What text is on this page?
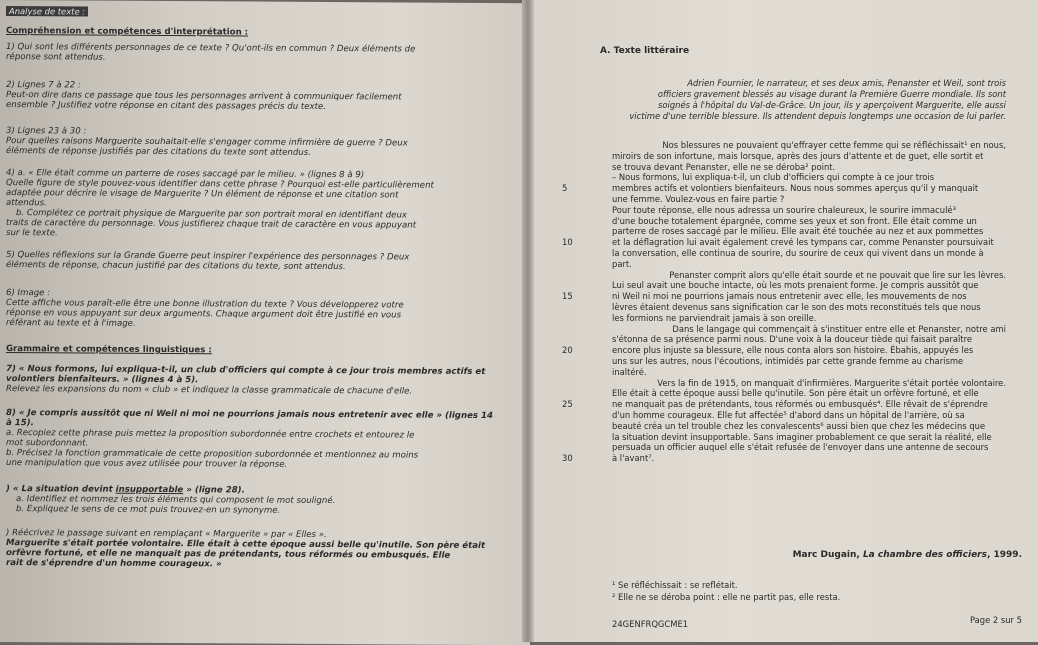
Analyse de texte :
Compréhension et compétences d'interprétation :
1) Qui sont les différents personnages de ce texte ? Qu'ont-ils en commun ? Deux éléments de
réponse sont attendus.
2) Lignes 7 à 22 :
Peut-on dire dans ce passage que tous les personnages arrivent à communiquer facilement
ensemble ? Justifiez votre réponse en citant des passages précis du texte.
3) Lignes 23 à 30 :
Pour quelles raisons Marguerite souhaitait-elle s'engager comme infirmière de guerre ? Deux
éléments de réponse justifiés par des citations du texte sont attendus.
4) a. « Elle était comme un parterre de roses saccagé par le milieu. » (lignes 8 à 9)
Quelle figure de style pouvez-vous identifier dans cette phrase ? Pourquoi est-elle particulièrement
adaptée pour décrire le visage de Marguerite ? Un élément de réponse et une citation sont
attendus.
b. Complétez ce portrait physique de Marguerite par son portrait moral en identifiant deux
traits de caractère du personnage. Vous justifierez chaque trait de caractère en vous appuyant
sur le texte.
5) Quelles réflexions sur la Grande Guerre peut inspirer l'expérience des personnages ? Deux
éléments de réponse, chacun justifié par des citations du texte, sont attendus.
6) Image :
Cette affiche vous paraît-elle être une bonne illustration du texte ? Vous développerez votre
réponse en vous appuyant sur deux arguments. Chaque argument doit être justifié en vous
référant au texte et à l'image.
Grammaire et compétences linguistiques :
7) « Nous formons, lui expliqua-t-il, un club d'officiers qui compte à ce jour trois membres actifs et
volontiers bienfaiteurs. » (lignes 4 à 5).
Relevez les expansions du nom « club » et indiquez la classe grammaticale de chacune d'elle.
8) « Je compris aussitôt que ni Weil ni moi ne pourrions jamais nous entretenir avec elle » (lignes 14
à 15).
a. Recopiez cette phrase puis mettez la proposition subordonnée entre crochets et entourez le
mot subordonnant.
b. Précisez la fonction grammaticale de cette proposition subordonnée et mentionnez au moins
une manipulation que vous avez utilisée pour trouver la réponse.
) « La situation devint insupportable » (ligne 28).
a. Identifiez et nommez les trois éléments qui composent le mot souligné.
b. Expliquez le sens de ce mot puis trouvez-en un synonyme.
) Réécrivez le passage suivant en remplaçant « Marguerite » par « Elles ».
Marguerite s'était portée volontaire. Elle était à cette époque aussi belle qu'inutile. Son père était
orfèvre fortuné, et elle ne manquait pas de prétendants, tous réformés ou embusqués. Elle
rait de s'éprendre d'un homme courageux. »
A. Texte littéraire
Adrien Fournier, le narrateur, et ses deux amis, Penanster et Weil, sont trois
officiers gravement blessés au visage durant la Première Guerre mondiale. Ils sont
soignés à l'hôpital du Val-de-Grâce. Un jour, ils y aperçoivent Marguerite, elle aussi
victime d'une terrible blessure. Ils attendent depuis longtemps une occasion de lui parler.
Nos blessures ne pouvaient qu'effrayer cette femme qui se réfléchissait¹ en nous,
miroirs de son infortune, mais lorsque, après des jours d'attente et de guet, elle sortit et
se trouva devant Penanster, elle ne se déroba² point.
– Nous formons, lui expliqua-t-il, un club d'officiers qui compte à ce jour trois
membres actifs et volontiers bienfaiteurs. Nous nous sommes aperçus qu'il y manquait
une femme. Voulez-vous en faire partie ?
Pour toute réponse, elle nous adressa un sourire chaleureux, le sourire immaculé³
d'une bouche totalement épargnée, comme ses yeux et son front. Elle était comme un
parterre de roses saccagé par le milieu. Elle avait été touchée au nez et aux pommettes
et la déflagration lui avait également crevé les tympans car, comme Penanster poursuivait
la conversation, elle continua de sourire, du sourire de ceux qui vivent dans un monde à
part.
Penanster comprit alors qu'elle était sourde et ne pouvait que lire sur les lèvres.
Lui seul avait une bouche intacte, où les mots prenaient forme. Je compris aussitôt que
ni Weil ni moi ne pourrions jamais nous entretenir avec elle, les mouvements de nos
lèvres étaient devenus sans signification car le son des mots reconstitués tels que nous
les formions ne parviendrait jamais à son oreille.
Dans le langage qui commençait à s'instituer entre elle et Penanster, notre ami
s'étonna de sa présence parmi nous. D'une voix à la douceur tiède qui faisait paraître
encore plus injuste sa blessure, elle nous conta alors son histoire. Ébahis, appuyés les
uns sur les autres, nous l'écoutions, intimidés par cette grande femme au charisme
inaltéré.
Vers la fin de 1915, on manquait d'infirmières. Marguerite s'était portée volontaire.
Elle était à cette époque aussi belle qu'inutile. Son père était un orfèvre fortuné, et elle
ne manquait pas de prétendants, tous réformés ou embusqués⁴. Elle rêvait de s'éprendre
d'un homme courageux. Elle fut affectée⁵ d'abord dans un hôpital de l'arrière, où sa
beauté créa un tel trouble chez les convalescents⁶ aussi bien que chez les médecins que
la situation devint insupportable. Sans imaginer probablement ce que serait la réalité, elle
persuada un officier auquel elle s'était refusée de l'envoyer dans une antenne de secours
à l'avant⁷.
5
10
15
20
25
30
Marc Dugain, La chambre des officiers, 1999.
¹ Se réfléchissait : se reflétait.
² Elle ne se déroba point : elle ne partit pas, elle resta.
24GENFRQGCME1	Page 2 sur 5
